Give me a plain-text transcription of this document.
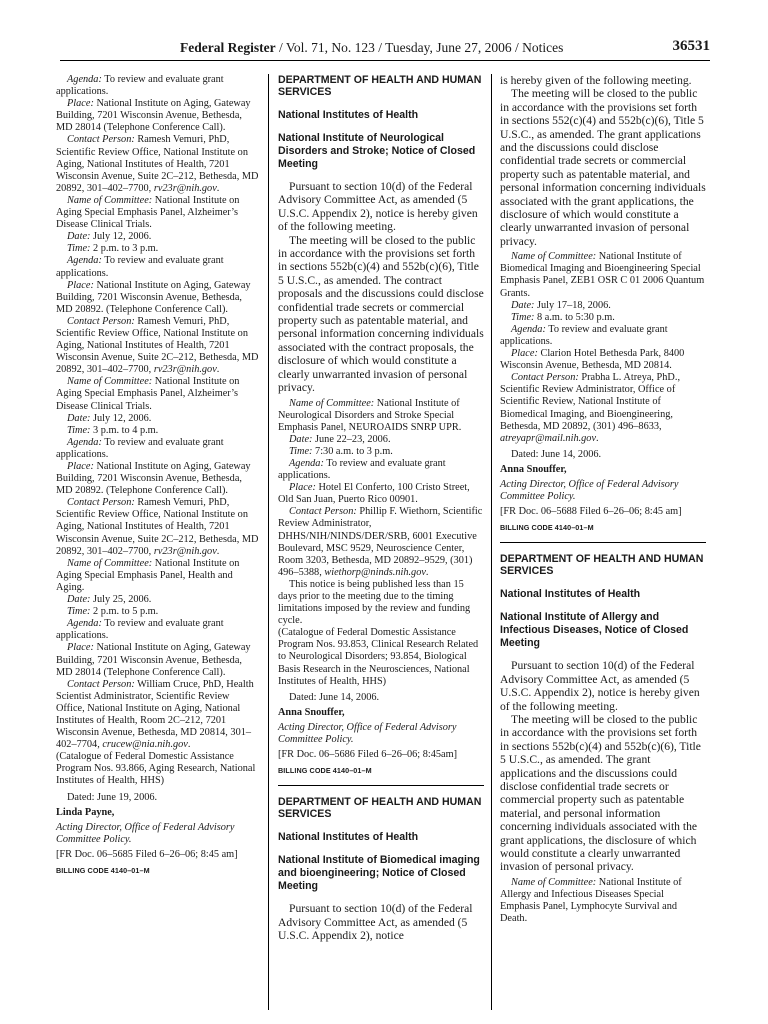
Federal Register / Vol. 71, No. 123 / Tuesday, June 27, 2006 / Notices	36531

Agenda: To review and evaluate grant applications.

Place: National Institute on Aging, Gateway Building, 7201 Wisconsin Avenue, Bethesda, MD 28014 (Telephone Conference Call).

Contact Person: Ramesh Vemuri, PhD, Scientific Review Office, National Institute on Aging, National Institutes of Health, 7201 Wisconsin Avenue, Suite 2C–212, Bethesda, MD 20892, 301–402–7700, rv23r@nih.gov.

Name of Committee: National Institute on Aging Special Emphasis Panel, Alzheimer’s Disease Clinical Trials.

Date: July 12, 2006.

Time: 2 p.m. to 3 p.m.

Agenda: To review and evaluate grant applications.

Place: National Institute on Aging, Gateway Building, 7201 Wisconsin Avenue, Bethesda, MD 20892. (Telephone Conference Call).

Contact Person: Ramesh Vemuri, PhD, Scientific Review Office, National Institute on Aging, National Institutes of Health, 7201 Wisconsin Avenue, Suite 2C–212, Bethesda, MD 20892, 301–402–7700, rv23r@nih.gov.

Name of Committee: National Institute on Aging Special Emphasis Panel, Alzheimer’s Disease Clinical Trials.

Date: July 12, 2006.

Time: 3 p.m. to 4 p.m.

Agenda: To review and evaluate grant applications.

Place: National Institute on Aging, Gateway Building, 7201 Wisconsin Avenue, Bethesda, MD 20892. (Telephone Conference Call).

Contact Person: Ramesh Vemuri, PhD, Scientific Review Office, National Institute on Aging, National Institutes of Health, 7201 Wisconsin Avenue, Suite 2C–212, Bethesda, MD 20892, 301–402–7700, rv23r@nih.gov.

Name of Committee: National Institute on Aging Special Emphasis Panel, Health and Aging.

Date: July 25, 2006.

Time: 2 p.m. to 5 p.m.

Agenda: To review and evaluate grant applications.

Place: National Institute on Aging, Gateway Building, 7201 Wisconsin Avenue, Bethesda, MD 28014 (Telephone Conference Call).

Contact Person: William Cruce, PhD, Health Scientist Administrator, Scientific Review Office, National Institute on Aging, National Institutes of Health, Room 2C–212, 7201 Wisconsin Avenue, Bethesda, MD 20814, 301–402–7704, crucew@nia.nih.gov.

(Catalogue of Federal Domestic Assistance Program Nos. 93.866, Aging Research, National Institutes of Health, HHS)

Dated: June 19, 2006.

Linda Payne,

Acting Director, Office of Federal Advisory Committee Policy.

[FR Doc. 06–5685 Filed 6–26–06; 8:45 am]

BILLING CODE 4140–01–M

DEPARTMENT OF HEALTH AND HUMAN SERVICES

National Institutes of Health

National Institute of Neurological Disorders and Stroke; Notice of Closed Meeting

Pursuant to section 10(d) of the Federal Advisory Committee Act, as amended (5 U.S.C. Appendix 2), notice is hereby given of the following meeting.

The meeting will be closed to the public in accordance with the provisions set forth in sections 552b(c)(4) and 552b(c)(6), Title 5 U.S.C., as amended. The contract proposals and the discussions could disclose confidential trade secrets or commercial property such as patentable material, and personal information concerning individuals associated with the contract proposals, the disclosure of which would constitute a clearly unwarranted invasion of personal privacy.

Name of Committee: National Institute of Neurological Disorders and Stroke Special Emphasis Panel, NEUROAIDS SNRP UPR.

Date: June 22–23, 2006.

Time: 7:30 a.m. to 3 p.m.

Agenda: To review and evaluate grant applications.

Place: Hotel El Conferto, 100 Cristo Street, Old San Juan, Puerto Rico 00901.

Contact Person: Phillip F. Wiethorn, Scientific Review Administrator, DHHS/NIH/NINDS/DER/SRB, 6001 Executive Boulevard, MSC 9529, Neuroscience Center, Room 3203, Bethesda, MD 20892–9529, (301) 496–5388, wiethorp@ninds.nih.gov.

This notice is being published less than 15 days prior to the meeting due to the timing limitations imposed by the review and funding cycle.

(Catalogue of Federal Domestic Assistance Program Nos. 93.853, Clinical Research Related to Neurological Disorders; 93.854, Biological Basis Research in the Neurosciences, National Institutes of Health, HHS)

Dated: June 14, 2006.

Anna Snouffer,

Acting Director, Office of Federal Advisory Committee Policy.

[FR Doc. 06–5686 Filed 6–26–06; 8:45am]

BILLING CODE 4140–01–M

DEPARTMENT OF HEALTH AND HUMAN SERVICES

National Institutes of Health

National Institute of Biomedical imaging and bioengineering; Notice of Closed Meeting

Pursuant to section 10(d) of the Federal Advisory Committee Act, as amended (5 U.S.C. Appendix 2), notice

is hereby given of the following meeting.

The meeting will be closed to the public in accordance with the provisions set forth in sections 552(c)(4) and 552b(c)(6), Title 5 U.S.C., as amended. The grant applications and the discussions could disclose confidential trade secrets or commercial property such as patentable material, and personal information concerning individuals associated with the grant applications, the disclosure of which would constitute a clearly unwarranted invasion of personal privacy.

Name of Committee: National Institute of Biomedical Imaging and Bioengineering Special Emphasis Panel, ZEB1 OSR C 01 2006 Quantum Grants.

Date: July 17–18, 2006.

Time: 8 a.m. to 5:30 p.m.

Agenda: To review and evaluate grant applications.

Place: Clarion Hotel Bethesda Park, 8400 Wisconsin Avenue, Bethesda, MD 20814.

Contact Person: Prabha L. Atreya, PhD., Scientific Review Administrator, Office of Scientific Review, National Institute of Biomedical Imaging, and Bioengineering, Bethesda, MD 20892, (301) 496–8633, atreyapr@mail.nih.gov.

Dated: June 14, 2006.

Anna Snouffer,

Acting Director, Office of Federal Advisory Committee Policy.

[FR Doc. 06–5688 Filed 6–26–06; 8:45 am]

BILLING CODE 4140–01–M

DEPARTMENT OF HEALTH AND HUMAN SERVICES

National Institutes of Health

National Institute of Allergy and Infectious Diseases, Notice of Closed Meeting

Pursuant to section 10(d) of the Federal Advisory Committee Act, as amended (5 U.S.C. Appendix 2), notice is hereby given of the following meeting.

The meeting will be closed to the public in accordance with the provisions set forth in sections 552b(c)(4) and 552b(c)(6), Title 5 U.S.C., as amended. The grant applications and the discussions could disclose confidential trade secrets or commercial property such as patentable material, and personal information concerning individuals associated with the grant applications, the disclosure of which would constitute a clearly unwarranted invasion of personal privacy.

Name of Committee: National Institute of Allergy and Infectious Diseases Special Emphasis Panel, Lymphocyte Survival and Death.
